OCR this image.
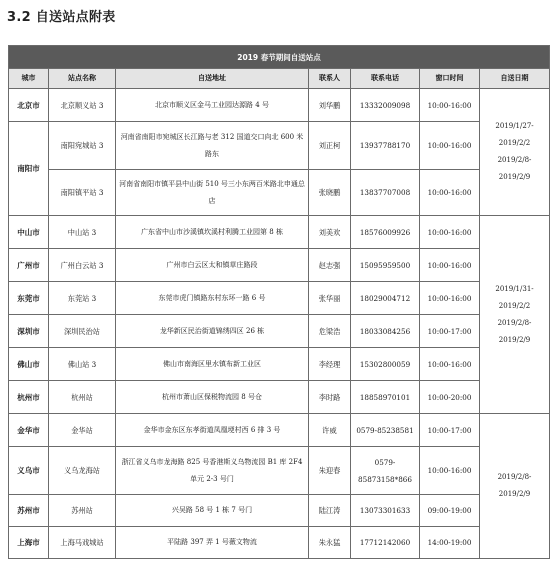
3.2 自送站点附表
2019 春节期间自送站点						
城市	站点名称	自送地址	联系人	联系电话	窗口时间	自送日期
北京市	北京顺义站 3	北京市顺义区金马工业园达源路 4 号	刘华鹏	13332009098	10:00-16:00	2019/1/27-2019/2/2
2019/2/8-2019/2/9

南阳市	南阳宛城站 3	河南省南阳市宛城区长江路与老 312 国道交口向北 600 米路东	刘正柯	13937788170	10:00-16:00	
	南阳镇平站 3	河南省南阳市镇平县中山街 510 号三小东两百米路北申通总店	张晓鹏	13837707008	10:00-16:00	
中山市	中山站 3	广东省中山市沙溪镇坎溪村利腾工业园第 8 栋	刘美欢	18576009926	10:00-16:00	2019/1/31-2019/2/2
2019/2/8-2019/2/9

广州市	广州白云站 3	广州市白云区太和镇草庄路段	赵志强	15095959500	10:00-16:00	
东莞市	东莞站 3	东莞市虎门镇路东村东环一路 6 号	张华丽	18029004712	10:00-16:00	
深圳市	深圳民治站	龙华新区民治街道锦绣四区 26 栋	危梁浩	18033084256	10:00-17:00	
佛山市	佛山站 3	佛山市南海区里水镇布新工业区	李经理	15302800059	10:00-16:00	
杭州市	杭州站	杭州市萧山区保税物流园 8 号仓	李时路	18858970101	10:00-20:00	
金华市	金华站	金华市金东区东孝街道凤凰埂村西 6 排 3 号	许威	0579-85238581	10:00-17:00	2019/2/8-2019/2/9

义乌市	义乌龙海站	浙江省义乌市龙海路 825 号香港斯义乌物流园 B1 库 2F4 单元 2-3 号门	朱迎春	0579-85873158*866	10:00-16:00	
苏州市	苏州站	兴吴路 58 号 1 栋 7 号门	陆江涛	13073301633	09:00-19:00	
上海市	上海马戏城站	平陆路 397 弄 1 号薇文物流	朱永猛	17712142060	14:00-19:00	
